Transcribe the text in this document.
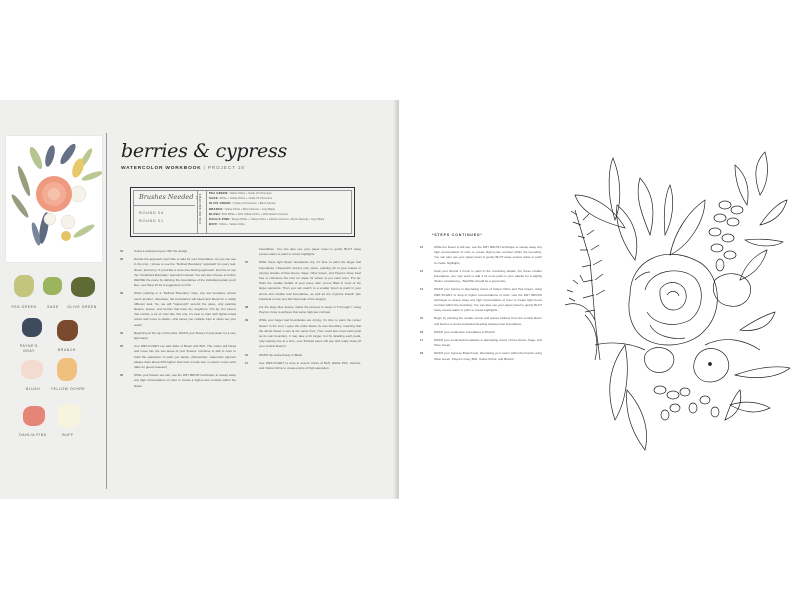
PEA GREEN	SAGE	OLIVE GREEN
PAYNE'S GRAY	BRANCH
BLUSH	YELLOW OCHRE
DAHLIA PINK	BUFF
berries & cypress
WATERCOLOR WORKBOOK | PROJECT 18
Brushes Needed :
ROUND 04
ROUND 01	COLOR RECIPES	PEA GREEN: Yellow Ochre + Oxide Of Chromium
SAGE: White + Yellow Ochre + Oxide Of Chromium
OLIVE GREEN : Oxide of Chromium + Burnt Sienna
BRANCH: Yellow Ochre + Burnt Sienna + Ivory Black
BLUSH: 50% White + 30% Yellow Ochre + 10% Alizarin Crimson
DAHLIA PINK: Taupe (White + Yellow Ochre + Alizarin Crimson + Burnt Sienna) + Ivory Black
BUFF: White + Yellow Ochre
01	Using a waterproof pen, INK the design.
02	Decide the approach you'd like to take for your boundaries. As you can see in the icon, I chose to use the "Defined Boundary" approach for every leaf, flower, and berry. If you'd like a more free-flowing approach, feel free to use the "Undefined Boundary" approach instead. You can also choose to further DEFINE the piece by defining the boundaries of the individual petals you'd like—see Step 10 for a suggestion on this!
03	When painting in a "Defined Boundary" style, one wet boundary cannot touch another; otherwise, the boundaries will bleed and blend for a totally different look. So, we will "hopscotch" around the piece, only painting flowers, leaves, and berries that have dry neighbors. Pro tip: For pieces that involve a lot of color like this one, it's best to start with lighter-toned colors and move to darker—this saves you multiple trips to clean out your water!
04	Beginning at the top of the plant, WASH your flowers in just water for a very light wash.
05	Use WET-IN-WET top add dabs of Blush and Buff. The colors will bleed and move into the wet areas of your flowers. Continue to dab in color to build the saturation of paint you desire. (Remember, watercolor pigment always dries about 20% lighter than how it looks wet, so add in a few extra dabs for good measure!)
06	While your flowers are wet, use the DRY BRUSH technique to sweep away any high concentration of color to create a high-to-low contrast within the flower
boundaries. You can also use your paper towel to gently BLOT away excess water or paint to create highlights.
07	While these light flower boundaries dry, it's time to paint the larger leaf boundaries. Hopscotch around your piece, painting all of your leaves in varying shades of Pea Green, Sage, Olive Green, and Payne's Gray. Feel free to reference the icon for ideas for where to put each color. Pro tip: Paint the smaller details of your piece after you've filled in most of the larger elements. Then you can switch to a smaller brush to paint in your stems and smaller leaf boundaries, as well as the Cypress branch (the botanical on the very left-hand side of the design).
08	For the large blue leaves, follow the process in steps in 5 through 7 using Payne's Gray to achieve that same high-low contrast.
09	While your larger leaf boundaries are drying, it's time to paint the center flower! In the icon, I gave the entire flower its own boundary, meaning that the whole flower is wet at the same time. (You could also treat each petal as its own boundary. It may take a bit longer, but by detailing each petal, only wetting one at a time, your finished piece will pop and really show off your central flower!)
10	WASH the entire flower in Blush.
11	Use WET-IN-WET to drop in accent colors of Buff, Dahlia Pink, Sunrise, and Yellow Ochre to create points of high saturation.
*STEPS CONTINUED*
12	While the flower is still wet, use the DRY BRUSH technique to sweep away any high concentration of color to create high-to-low contrast within the boundary. You can also use your paper towel to gently BLOT away excess water or paint to create highlights.
13	Grab your Round 1 brush to paint in the remaining details. For these smaller boundaries, you may want to add a bit more paint to your palette for a slightly thicker consistency—50w/50p should be a good ratio.
14	WASH your berries in alternating colors of Yellow Ochre and Pea Green, using WET-IN-WET to drop in higher concentrations of color. Use the DRY BRUSH technique to sweep away any high concentration of color to create high-to-low contrast within the boundary. You can also use your paper towel to gently BLOT away excess water or paint to create highlights.
15	Begin by painting the smaller stems and leaves furthest from the central flower and berries to avoid unwanted bleeding between wet boundaries.
16	WASH your small stem boundaries in Branch.
17	WASH your small leaf boundaries in alternating colors of Pea Green, Sage, and Olive Green.
18	WASH your Cypress Branch last, alternating your colors within the branch using Olive Green, Payne's Gray, Buff, Yellow Ochre, and Branch.
